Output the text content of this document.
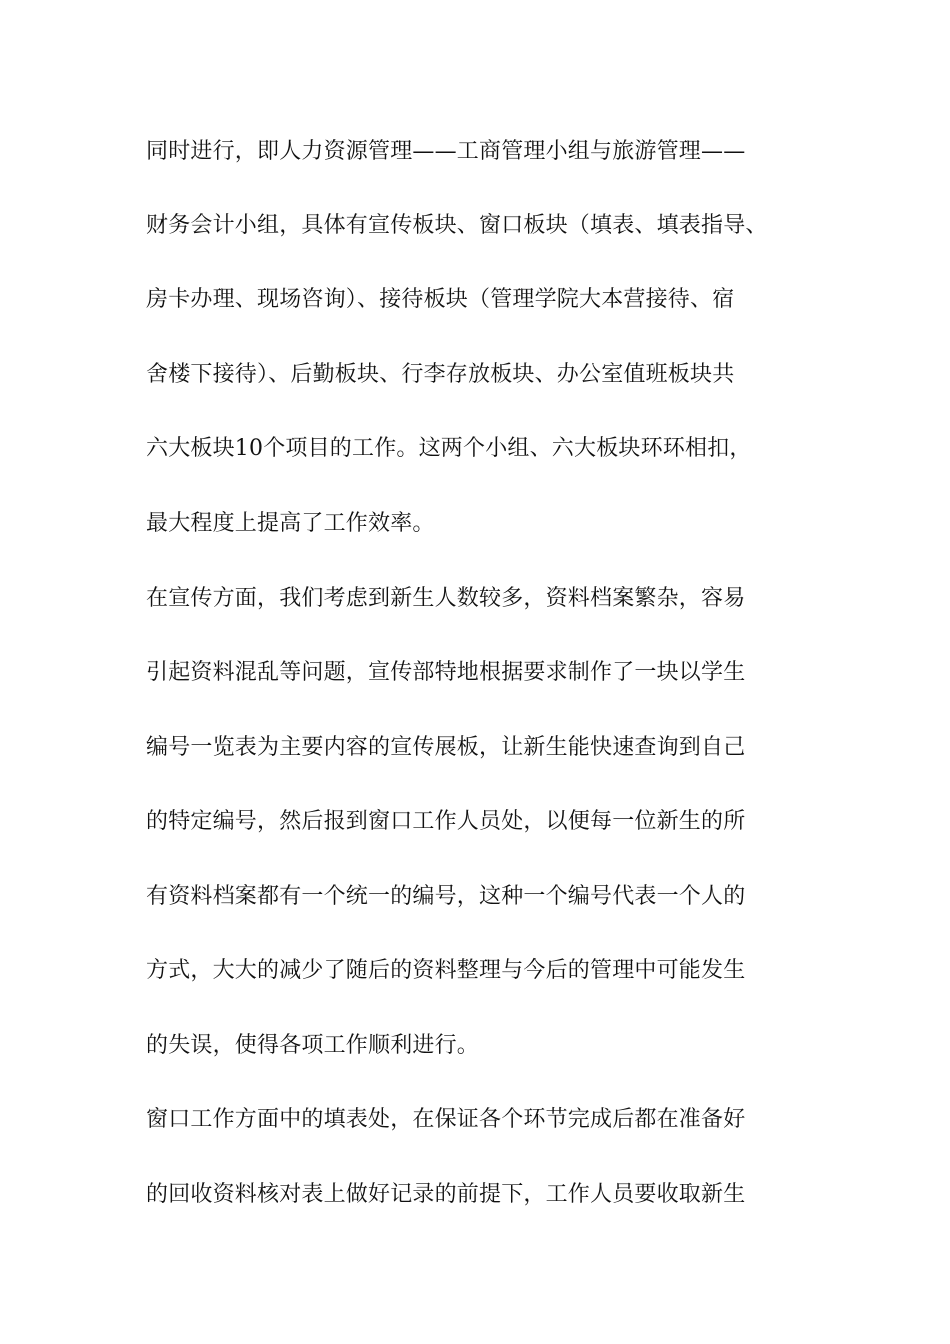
同时进行，即人力资源管理——工商管理小组与旅游管理——
财务会计小组，具体有宣传板块、窗口板块（填表、填表指导、
房卡办理、现场咨询）、接待板块（管理学院大本营接待、宿
舍楼下接待）、后勤板块、行李存放板块、办公室值班板块共
六大板块10个项目的工作。这两个小组、六大板块环环相扣，
最大程度上提高了工作效率。
在宣传方面，我们考虑到新生人数较多，资料档案繁杂，容易
引起资料混乱等问题，宣传部特地根据要求制作了一块以学生
编号一览表为主要内容的宣传展板，让新生能快速查询到自己
的特定编号，然后报到窗口工作人员处，以便每一位新生的所
有资料档案都有一个统一的编号，这种一个编号代表一个人的
方式，大大的减少了随后的资料整理与今后的管理中可能发生
的失误，使得各项工作顺利进行。
窗口工作方面中的填表处，在保证各个环节完成后都在准备好
的回收资料核对表上做好记录的前提下，工作人员要收取新生
